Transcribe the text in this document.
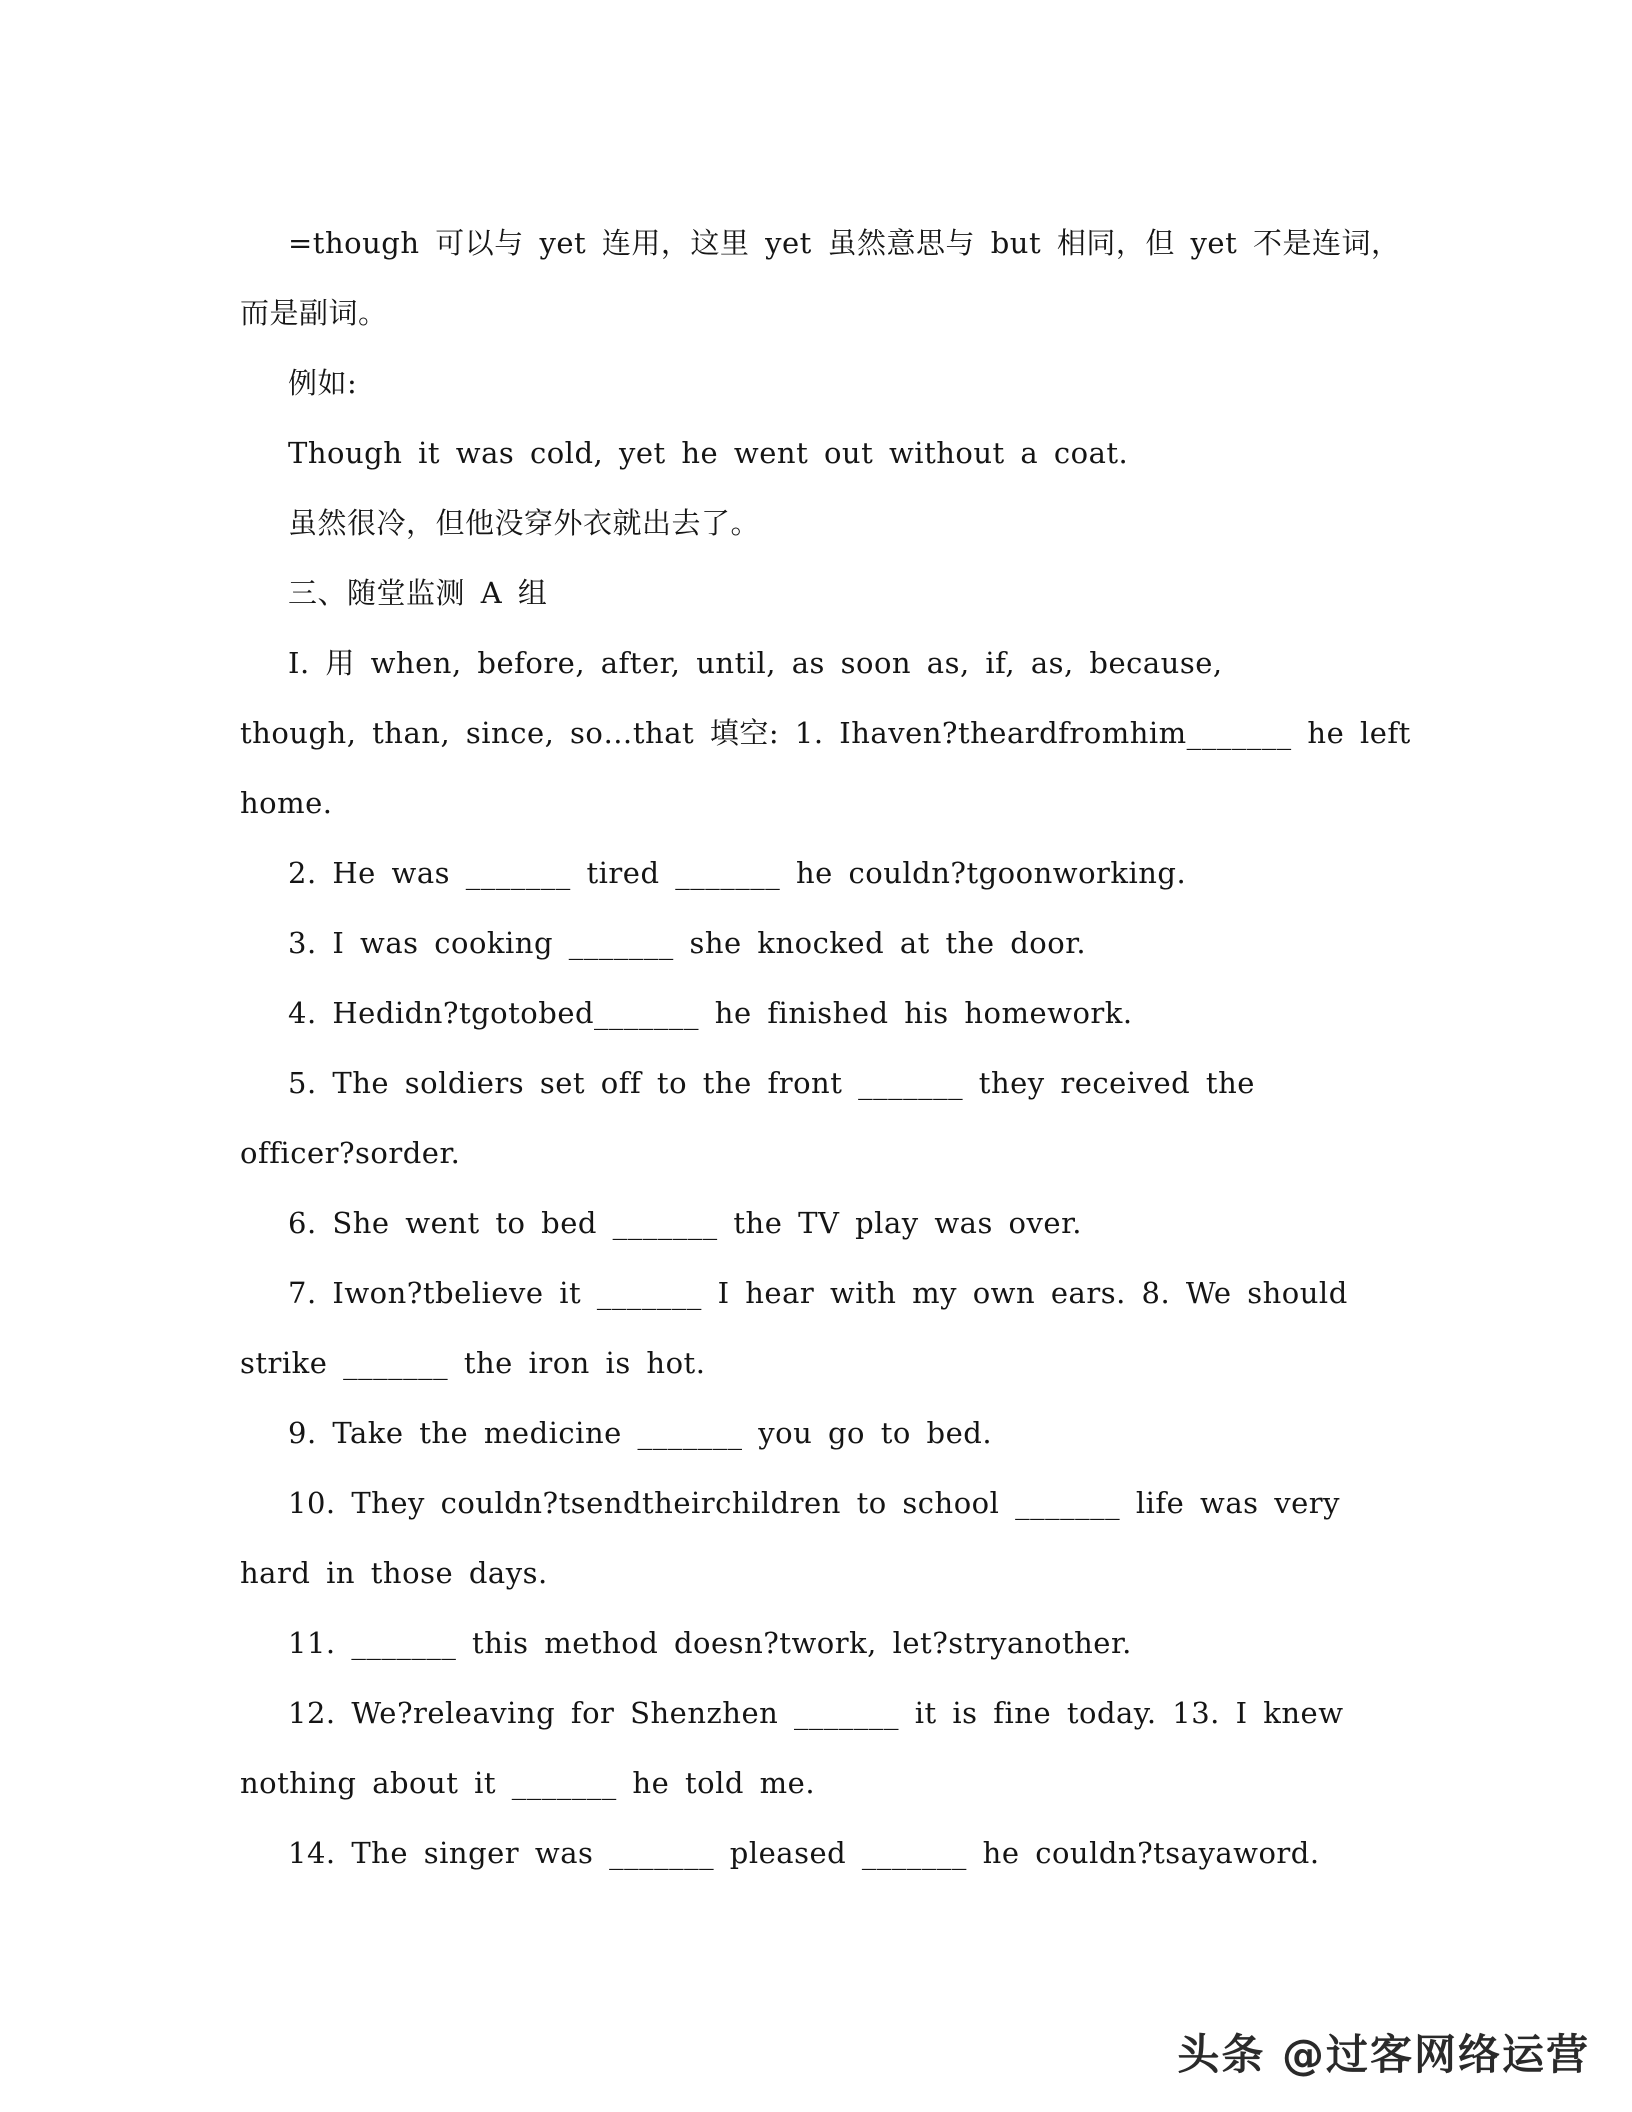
=though 可以与 yet 连用，这里 yet 虽然意思与 but 相同，但 yet 不是连词，

而是副词。

例如:

Though it was cold, yet he went out without a coat.

虽然很冷，但他没穿外衣就出去了。

三、随堂监测 A 组

I. 用 when, before, after, until, as soon as, if, as, because,

though, than, since, so…that 填空: 1. Ihaven?theardfromhim_______ he left

home.

2. He was _______ tired _______ he couldn?tgoonworking.

3. I was cooking _______ she knocked at the door.

4. Hedidn?tgotobed_______ he finished his homework.

5. The soldiers set off to the front _______ they received the

officer?sorder.

6. She went to bed _______ the TV play was over.

7. Iwon?tbelieve it _______ I hear with my own ears. 8. We should

strike _______ the iron is hot.

9. Take the medicine _______ you go to bed.

10. They couldn?tsendtheirchildren to school _______ life was very

hard in those days.

11. _______ this method doesn?twork, let?stryanother.

12. We?releaving for Shenzhen _______ it is fine today. 13. I knew

nothing about it _______ he told me.

14. The singer was _______ pleased _______ he couldn?tsayaword.

头条 @过客网络运营
